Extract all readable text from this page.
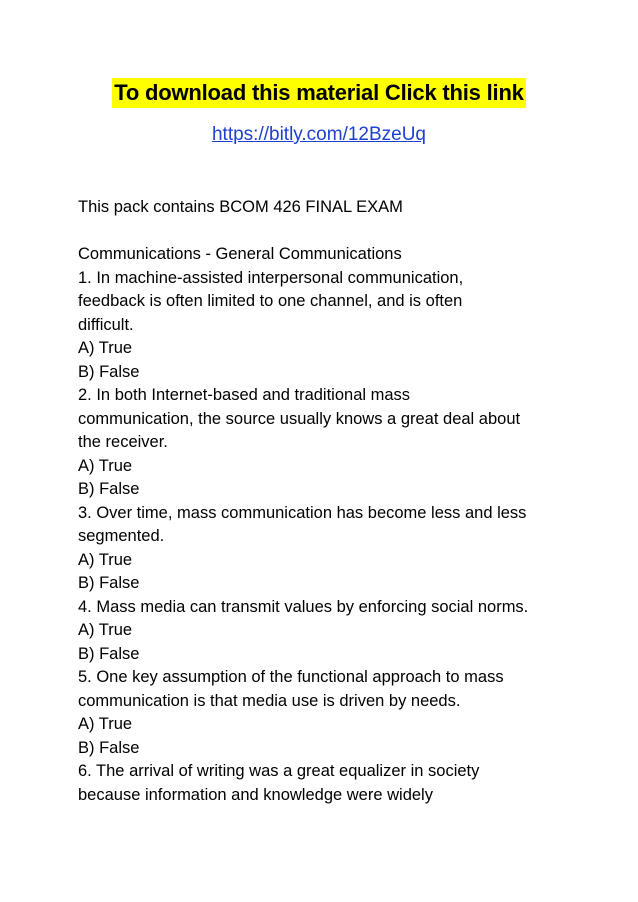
To download this material Click this link
https://bitly.com/12BzeUq
This pack contains BCOM 426 FINAL EXAM
Communications - General Communications
1. In machine-assisted interpersonal communication,
feedback is often limited to one channel, and is often
difficult.
A) True
B) False
2. In both Internet-based and traditional mass
communication, the source usually knows a great deal about
the receiver.
A) True
B) False
3. Over time, mass communication has become less and less
segmented.
A) True
B) False
4. Mass media can transmit values by enforcing social norms.
A) True
B) False
5. One key assumption of the functional approach to mass
communication is that media use is driven by needs.
A) True
B) False
6. The arrival of writing was a great equalizer in society
because information and knowledge were widely
